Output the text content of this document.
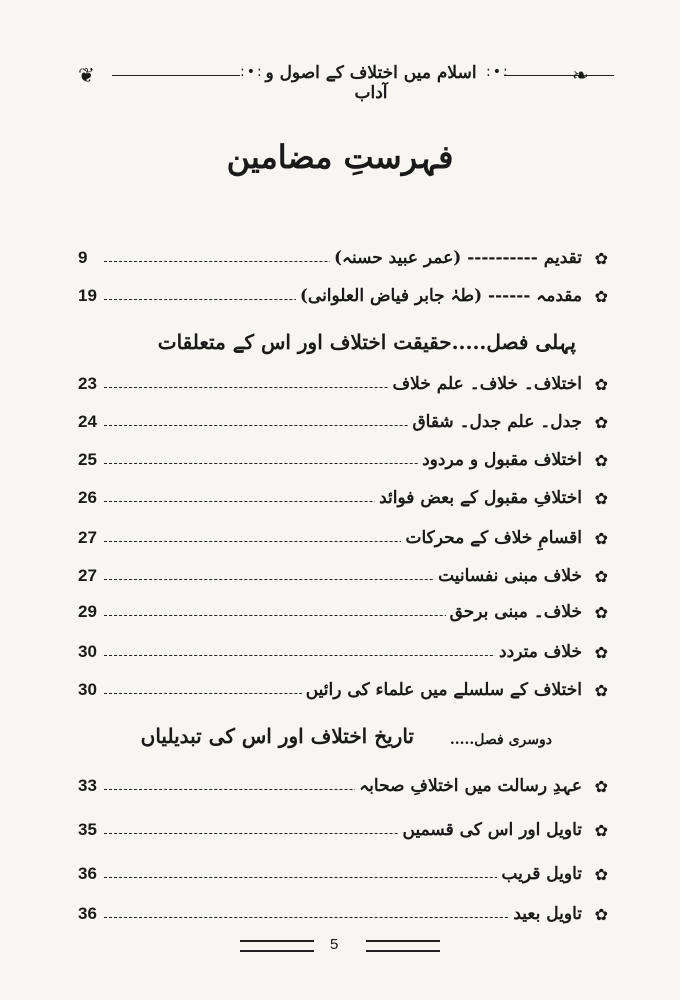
❦	:•: اسلام میں اختلاف کے اصول و آداب
:•:	❧
فہرستِ مضامین
✿
تقدیم ---------- (عمر عبید حسنہ)
9
✿
مقدمہ ------ (طہٰ جابر فیاض العلوانی)
19
پہلی فصل.....حقیقت اختلاف اور اس کے متعلقات
✿
اختلاف۔ خلاف۔ علم خلاف
23
✿
جدل۔ علم جدل۔ شقاق
24
✿
اختلاف مقبول و مردود
25
✿
اختلافِ مقبول کے بعض فوائد
26
✿
اقسامِ خلاف کے محرکات
27
✿
خلاف مبنی نفسانیت
27
✿
خلاف۔ مبنی برحق
29
✿
خلاف متردد
30
✿
اختلاف کے سلسلے میں علماء کی رائیں
30
دوسری فصل.....
تاریخ اختلاف اور اس کی تبدیلیاں
✿
عہدِ رسالت میں اختلافِ صحابہ
33
✿
تاویل اور اس کی قسمیں
35
✿
تاویل قریب
36
✿
تاویل بعید
36
5
